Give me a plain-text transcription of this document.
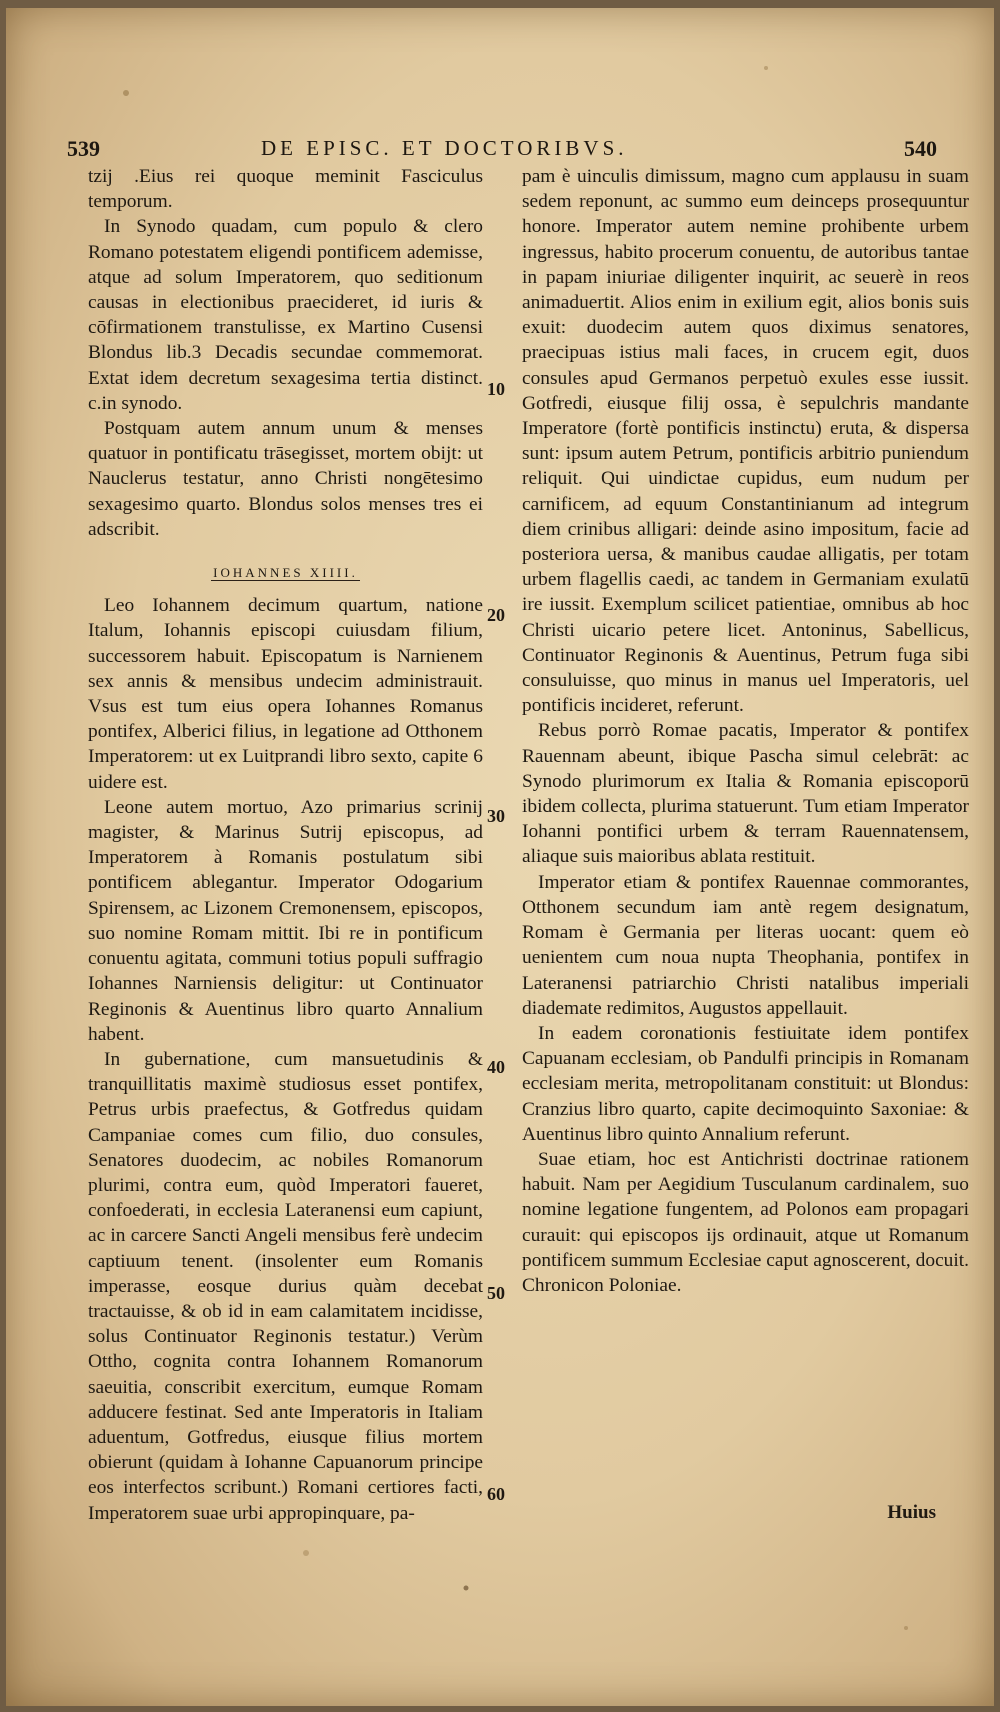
539	DE EPISC. ET DOCTORIBVS.	540

tzij .Eius rei quoque meminit Fasciculus temporum.

In Synodo quadam, cum populo & clero Romano potestatem eligendi pontificem ademisse, atque ad solum Imperatorem, quo seditionum causas in electionibus praecideret, id iuris & cōfirmationem transtulisse, ex Martino Cusensi Blondus lib.3 Decadis secundae commemorat. Extat idem decretum sexagesima tertia distinct. c.in synodo.

Postquam autem annum unum & menses quatuor in pontificatu trāsegisset, mortem obijt: ut Nauclerus testatur, anno Christi nongētesimo sexagesimo quarto. Blondus solos menses tres ei adscribit.

IOHANNES XIIII.

Leo Iohannem decimum quartum, natione Italum, Iohannis episcopi cuiusdam filium, successorem habuit. Episcopatum is Narnienem sex annis & mensibus undecim administrauit. Vsus est tum eius opera Iohannes Romanus pontifex, Alberici filius, in legatione ad Otthonem Imperatorem: ut ex Luitprandi libro sexto, capite 6 uidere est.

Leone autem mortuo, Azo primarius scrinij magister, & Marinus Sutrij episcopus, ad Imperatorem à Romanis postulatum sibi pontificem ablegantur. Imperator Odogarium Spirensem, ac Lizonem Cremonensem, episcopos, suo nomine Romam mittit. Ibi re in pontificum conuentu agitata, communi totius populi suffragio Iohannes Narniensis deligitur: ut Continuator Reginonis & Auentinus libro quarto Annalium habent.

In gubernatione, cum mansuetudinis & tranquillitatis maximè studiosus esset pontifex, Petrus urbis praefectus, & Gotfredus quidam Campaniae comes cum filio, duo consules, Senatores duodecim, ac nobiles Romanorum plurimi, contra eum, quòd Imperatori faueret, confoederati, in ecclesia Lateranensi eum capiunt, ac in carcere Sancti Angeli mensibus ferè undecim captiuum tenent. (insolenter eum Romanis imperasse, eosque durius quàm decebat tractauisse, & ob id in eam calamitatem incidisse, solus Continuator Reginonis testatur.) Verùm Ottho, cognita contra Iohannem Romanorum saeuitia, conscribit exercitum, eumque Romam adducere festinat. Sed ante Imperatoris in Italiam aduentum, Gotfredus, eiusque filius mortem obierunt (quidam à Iohanne Capuanorum principe eos interfectos scribunt.) Romani certiores facti, Imperatorem suae urbi appropinquare, pa-

pam è uinculis dimissum, magno cum applausu in suam sedem reponunt, ac summo eum deinceps prosequuntur honore. Imperator autem nemine prohibente urbem ingressus, habito procerum conuentu, de autoribus tantae in papam iniuriae diligenter inquirit, ac seuerè in reos animaduertit. Alios enim in exilium egit, alios bonis suis exuit: duodecim autem quos diximus senatores, praecipuas istius mali faces, in crucem egit, duos consules apud Germanos perpetuò exules esse iussit. Gotfredi, eiusque filij ossa, è sepulchris mandante Imperatore (fortè pontificis instinctu) eruta, & dispersa sunt: ipsum autem Petrum, pontificis arbitrio puniendum reliquit. Qui uindictae cupidus, eum nudum per carnificem, ad equum Constantinianum ad integrum diem crinibus alligari: deinde asino impositum, facie ad posteriora uersa, & manibus caudae alligatis, per totam urbem flagellis caedi, ac tandem in Germaniam exulatū ire iussit. Exemplum scilicet patientiae, omnibus ab hoc Christi uicario petere licet. Antoninus, Sabellicus, Continuator Reginonis & Auentinus, Petrum fuga sibi consuluisse, quo minus in manus uel Imperatoris, uel pontificis incideret, referunt.

Rebus porrò Romae pacatis, Imperator & pontifex Rauennam abeunt, ibique Pascha simul celebrāt: ac Synodo plurimorum ex Italia & Romania episcoporū ibidem collecta, plurima statuerunt. Tum etiam Imperator Iohanni pontifici urbem & terram Rauennatensem, aliaque suis maioribus ablata restituit.

Imperator etiam & pontifex Rauennae commorantes, Otthonem secundum iam antè regem designatum, Romam è Germania per literas uocant: quem eò uenientem cum noua nupta Theophania, pontifex in Lateranensi patriarchio Christi natalibus imperiali diademate redimitos, Augustos appellauit.

In eadem coronationis festiuitate idem pontifex Capuanam ecclesiam, ob Pandulfi principis in Romanam ecclesiam merita, metropolitanam constituit: ut Blondus: Cranzius libro quarto, capite decimoquinto Saxoniae: & Auentinus libro quinto Annalium referunt.

Suae etiam, hoc est Antichristi doctrinae rationem habuit. Nam per Aegidium Tusculanum cardinalem, suo nomine legatione fungentem, ad Polonos eam propagari curauit: qui episcopos ijs ordinauit, atque ut Romanum pontificem summum Ecclesiae caput agnoscerent, docuit. Chronicon Poloniae.

10
20
30
40
50
60
Huius
